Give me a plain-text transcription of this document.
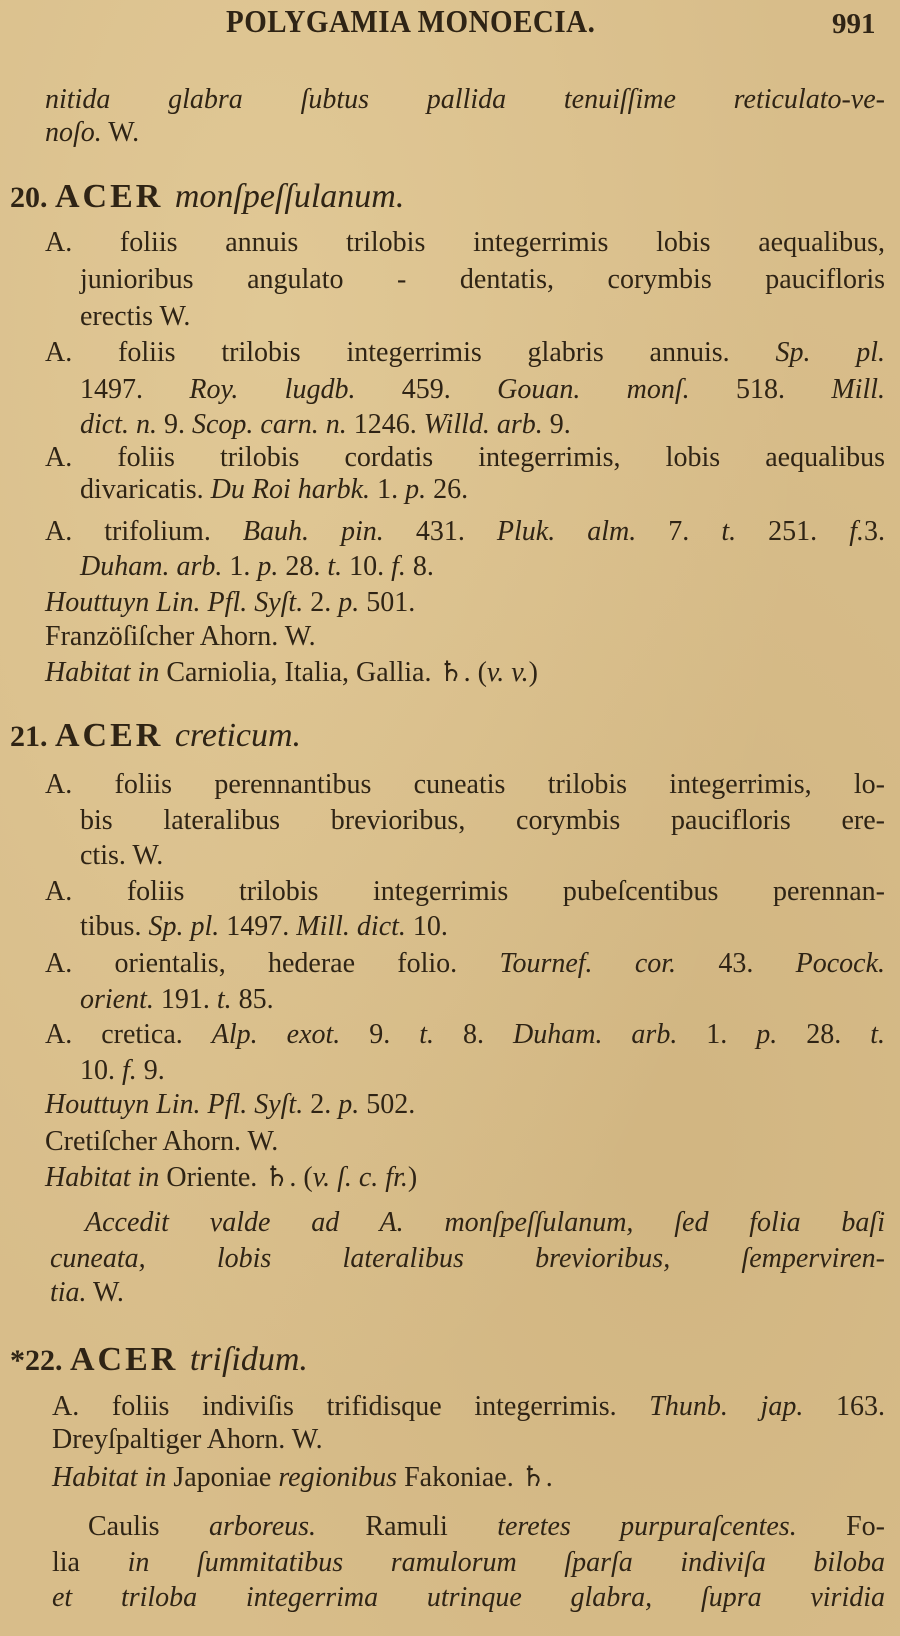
POLYGAMIA MONOECIA.	991
nitida glabra ſubtus pallida tenuiſſime reticulato-ve-
noſo. W.
20. ACER monſpeſſulanum.
A. foliis annuis trilobis integerrimis lobis aequalibus,
junioribus angulato - dentatis, corymbis paucifloris
erectis W.
A. foliis trilobis integerrimis glabris annuis. Sp. pl.
1497. Roy. lugdb. 459. Gouan. monſ. 518. Mill.
dict. n. 9. Scop. carn. n. 1246. Willd. arb. 9.
A. foliis trilobis cordatis integerrimis, lobis aequalibus
divaricatis. Du Roi harbk. 1. p. 26.
A. trifolium. Bauh. pin. 431. Pluk. alm. 7. t. 251. f.3.
Duham. arb. 1. p. 28. t. 10. f. 8.
Houttuyn Lin. Pfl. Syſt. 2. p. 501.
Franzöſiſcher Ahorn. W.
Habitat in Carniolia, Italia, Gallia. ♄. (v. v.)
21. ACER creticum.
A. foliis perennantibus cuneatis trilobis integerrimis, lo-
bis lateralibus brevioribus, corymbis paucifloris ere-
ctis. W.
A. foliis trilobis integerrimis pubeſcentibus perennan-
tibus. Sp. pl. 1497. Mill. dict. 10.
A. orientalis, hederae folio. Tournef. cor. 43. Pocock.
orient. 191. t. 85.
A. cretica. Alp. exot. 9. t. 8. Duham. arb. 1. p. 28. t.
10. f. 9.
Houttuyn Lin. Pfl. Syſt. 2. p. 502.
Cretiſcher Ahorn. W.
Habitat in Oriente. ♄. (v. ſ. c. fr.)
Accedit valde ad A. monſpeſſulanum, ſed folia baſi
cuneata, lobis lateralibus brevioribus, ſemperviren-
tia. W.
*22. ACER triſidum.
A. foliis indiviſis trifidisque integerrimis. Thunb. jap. 163.
Dreyſpaltiger Ahorn. W.
Habitat in Japoniae regionibus Fakoniae. ♄.
Caulis arboreus. Ramuli teretes purpuraſcentes. Fo-
lia in ſummitatibus ramulorum ſparſa indiviſa biloba
et triloba integerrima utrinque glabra, ſupra viridia
